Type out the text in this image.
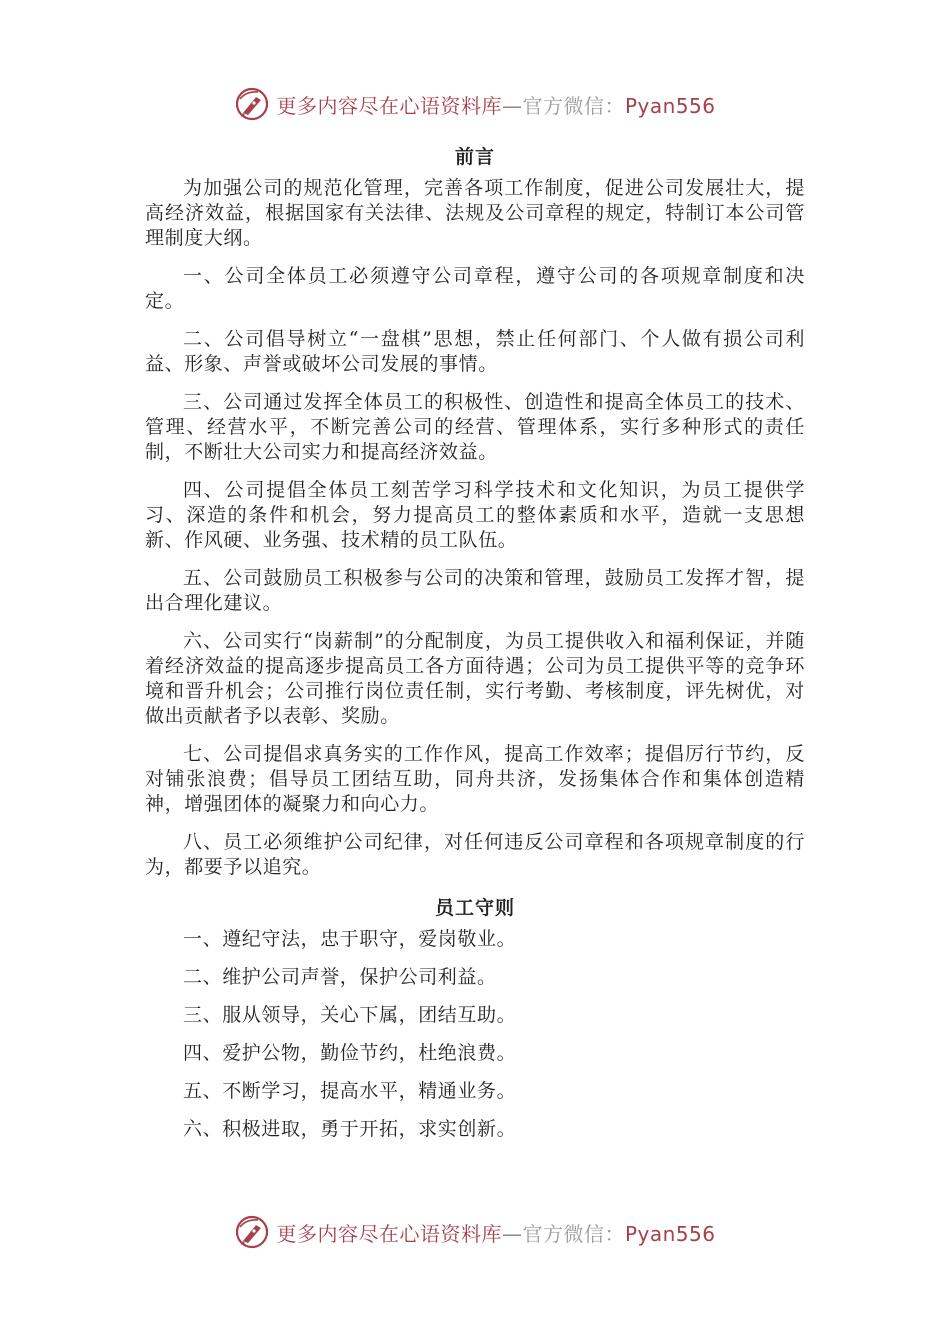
更多内容尽在心语资料库—官方微信：Pyan556
前言

为加强公司的规范化管理，完善各项工作制度，促进公司发展壮大，提高经济效益，根据国家有关法律、法规及公司章程的规定，特制订本公司管理制度大纲。

一、公司全体员工必须遵守公司章程，遵守公司的各项规章制度和决定。

二、公司倡导树立“一盘棋”思想，禁止任何部门、个人做有损公司利益、形象、声誉或破坏公司发展的事情。

三、公司通过发挥全体员工的积极性、创造性和提高全体员工的技术、管理、经营水平，不断完善公司的经营、管理体系，实行多种形式的责任制，不断壮大公司实力和提高经济效益。

四、公司提倡全体员工刻苦学习科学技术和文化知识，为员工提供学习、深造的条件和机会，努力提高员工的整体素质和水平，造就一支思想新、作风硬、业务强、技术精的员工队伍。

五、公司鼓励员工积极参与公司的决策和管理，鼓励员工发挥才智，提出合理化建议。

六、公司实行“岗薪制”的分配制度，为员工提供收入和福利保证，并随着经济效益的提高逐步提高员工各方面待遇；公司为员工提供平等的竞争环境和晋升机会；公司推行岗位责任制，实行考勤、考核制度，评先树优，对做出贡献者予以表彰、奖励。

七、公司提倡求真务实的工作作风，提高工作效率；提倡厉行节约，反对铺张浪费；倡导员工团结互助，同舟共济，发扬集体合作和集体创造精神，增强团体的凝聚力和向心力。

八、员工必须维护公司纪律，对任何违反公司章程和各项规章制度的行为，都要予以追究。

员工守则
一、遵纪守法，忠于职守，爱岗敬业。
二、维护公司声誉，保护公司利益。
三、服从领导，关心下属，团结互助。
四、爱护公物，勤俭节约，杜绝浪费。
五、不断学习，提高水平，精通业务。
六、积极进取，勇于开拓，求实创新。
更多内容尽在心语资料库—官方微信：Pyan556
